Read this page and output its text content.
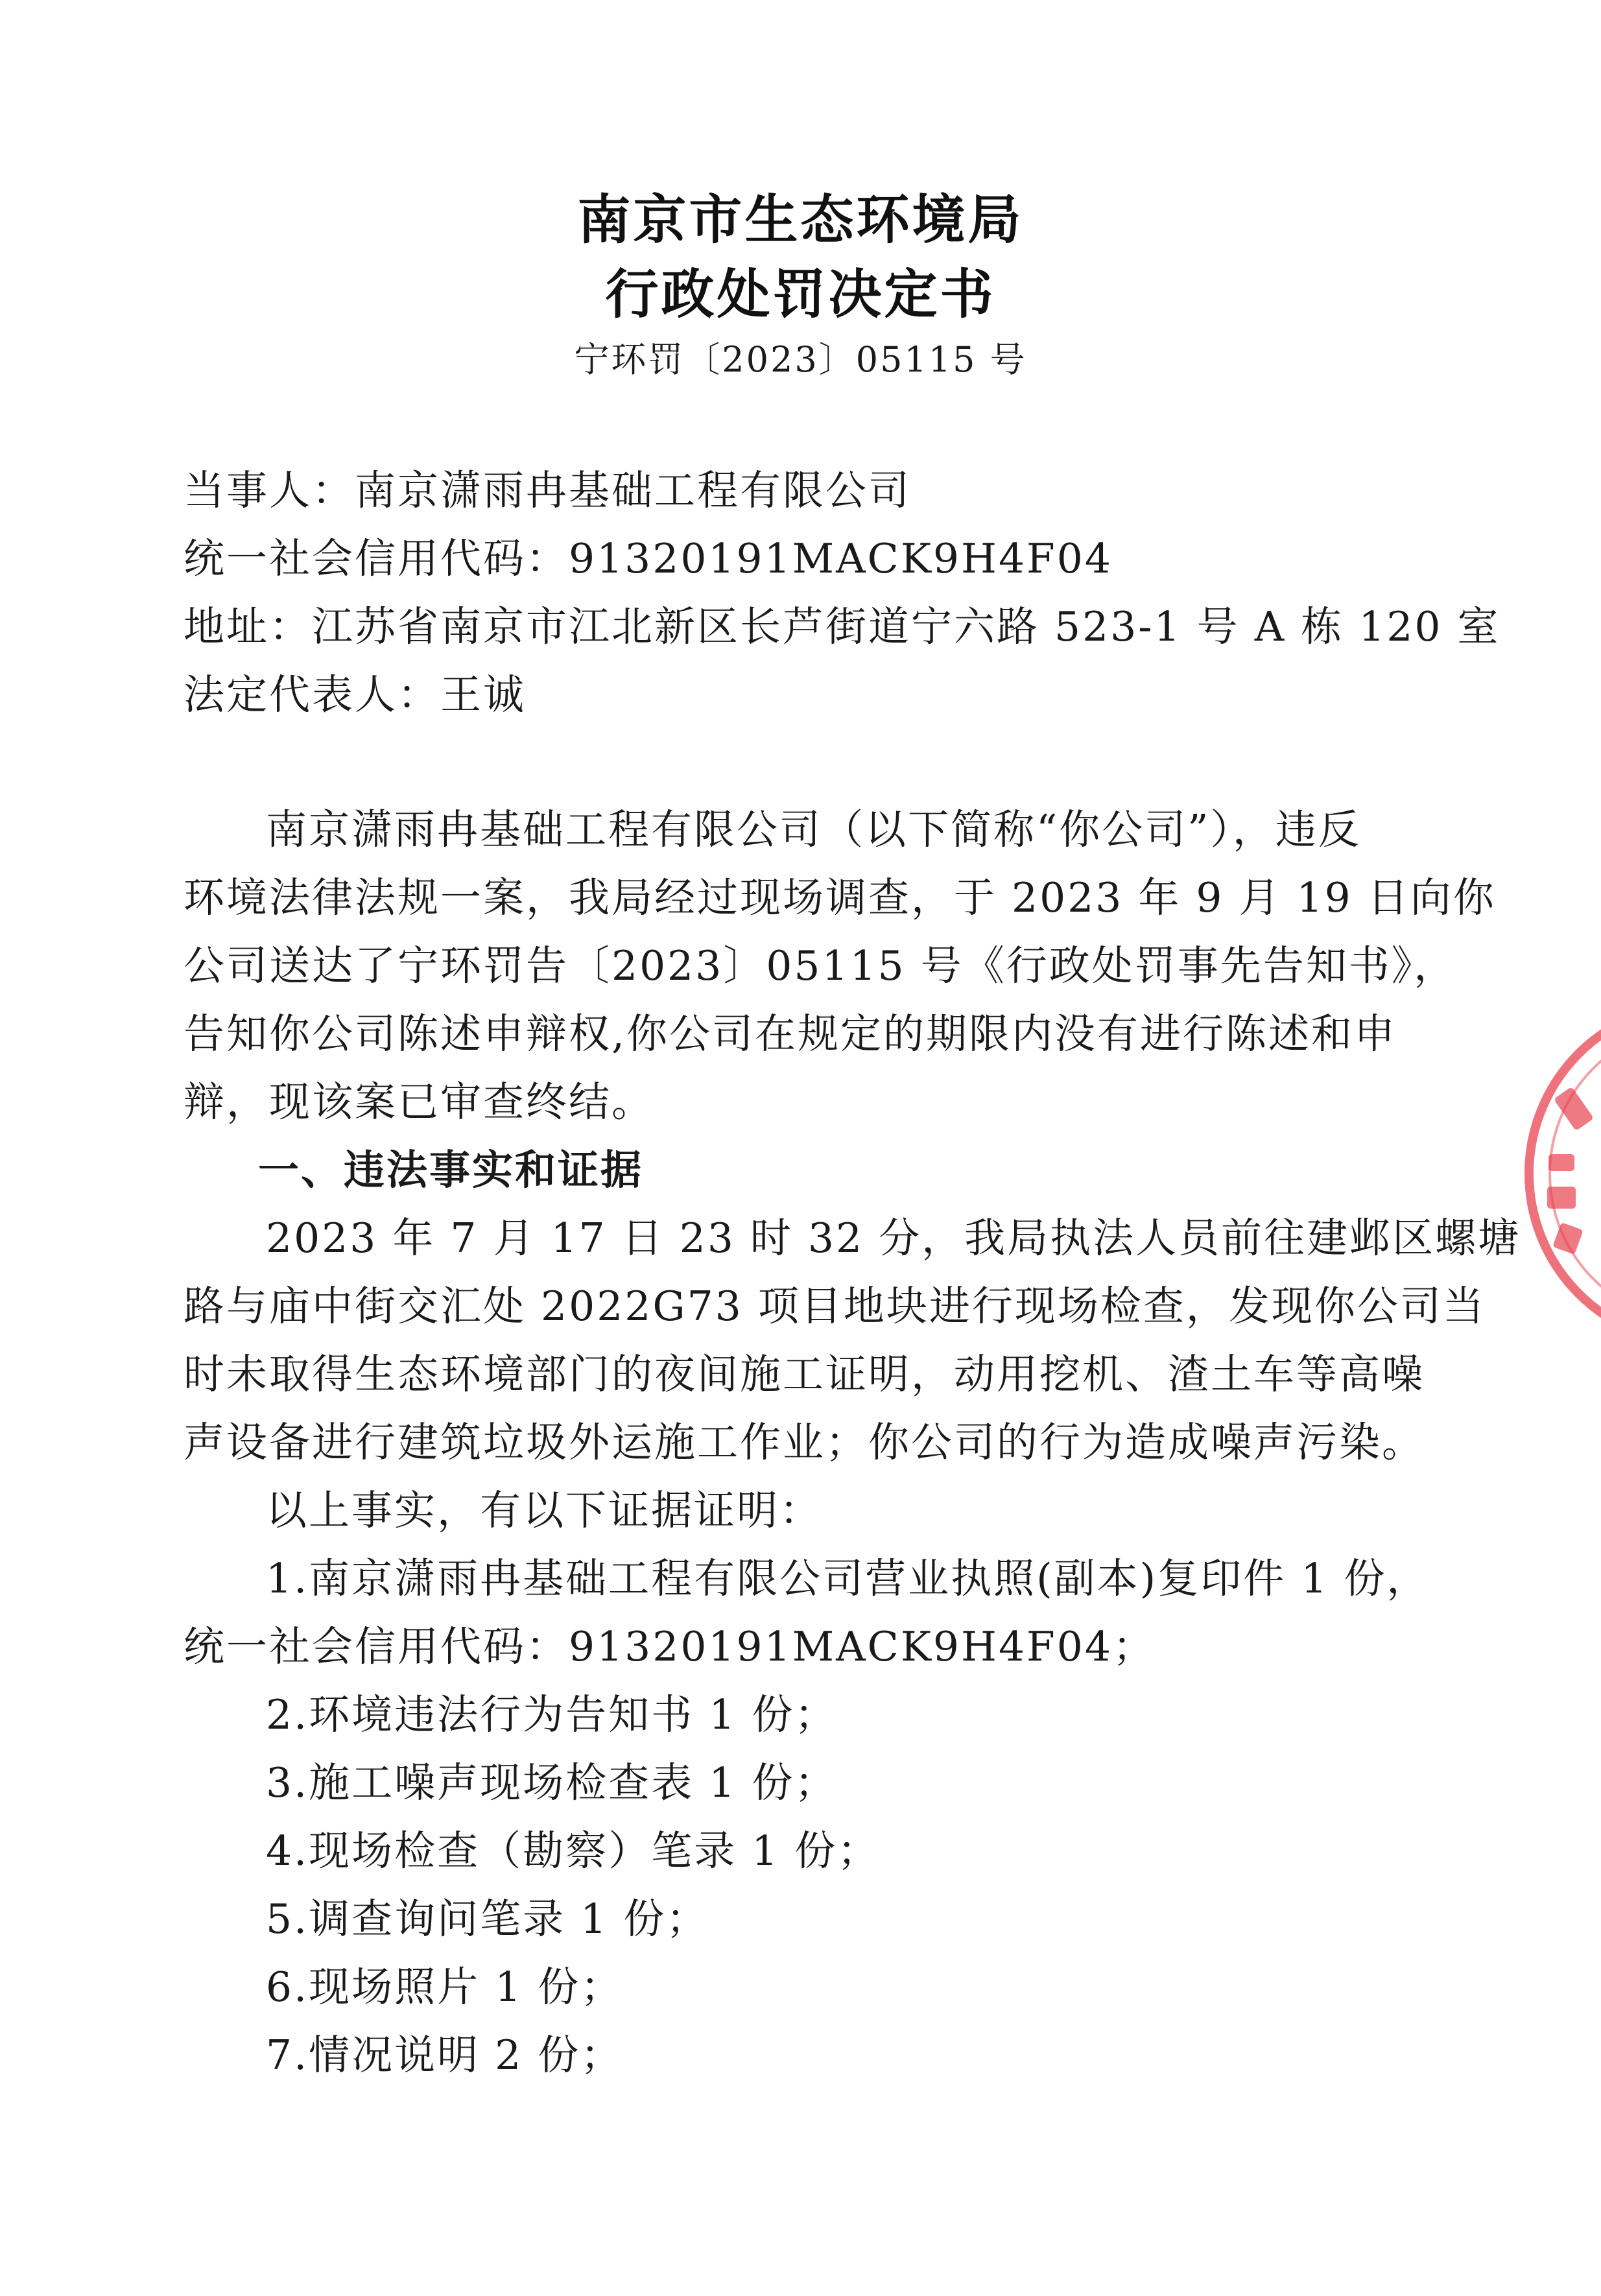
南京市生态环境局
行政处罚决定书
宁环罚〔2023〕05115 号
当事人：南京潇雨冉基础工程有限公司
统一社会信用代码：91320191MACK9H4F04
地址：江苏省南京市江北新区长芦街道宁六路 523-1 号 A 栋 120 室
法定代表人：王诚
南京潇雨冉基础工程有限公司（以下简称“你公司”），违反
环境法律法规一案，我局经过现场调查，于 2023 年 9 月 19 日向你
公司送达了宁环罚告〔2023〕05115 号《行政处罚事先告知书》，
告知你公司陈述申辩权,你公司在规定的期限内没有进行陈述和申
辩，现该案已审查终结。
一、违法事实和证据
2023 年 7 月 17 日 23 时 32 分，我局执法人员前往建邺区螺塘
路与庙中街交汇处 2022G73 项目地块进行现场检查，发现你公司当
时未取得生态环境部门的夜间施工证明，动用挖机、渣土车等高噪
声设备进行建筑垃圾外运施工作业；你公司的行为造成噪声污染。
以上事实，有以下证据证明：
1.南京潇雨冉基础工程有限公司营业执照(副本)复印件 1 份，
统一社会信用代码：91320191MACK9H4F04；
2.环境违法行为告知书 1 份；
3.施工噪声现场检查表 1 份；
4.现场检查（勘察）笔录 1 份；
5.调查询问笔录 1 份；
6.现场照片 1 份；
7.情况说明 2 份；
